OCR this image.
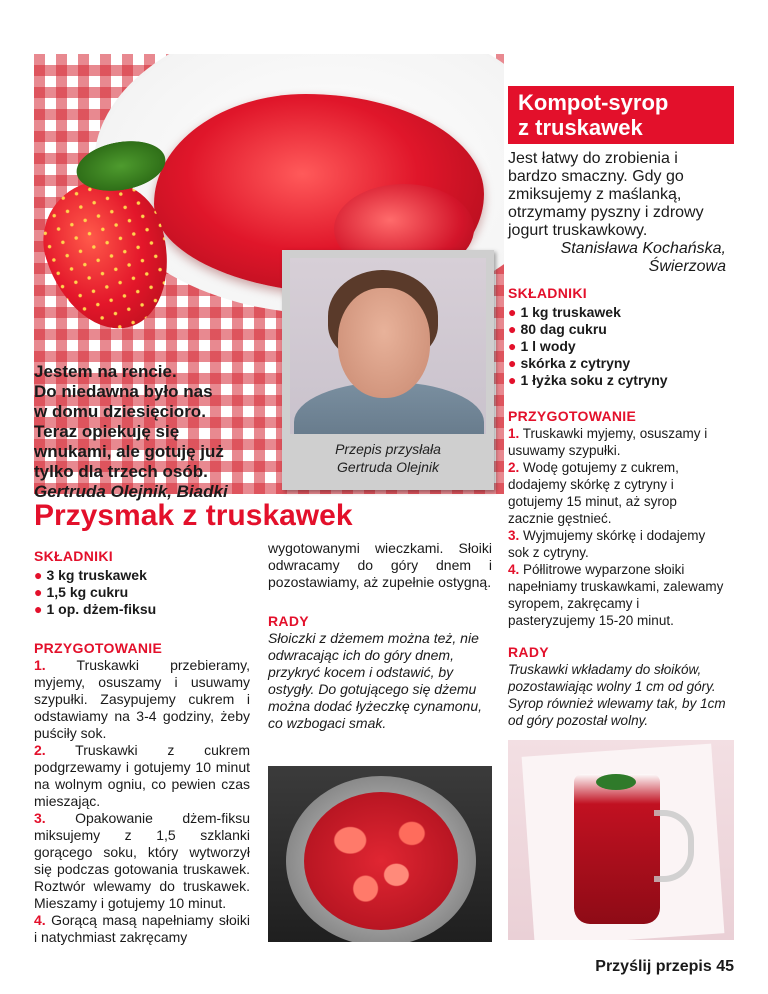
Jestem na rencie.
Do niedawna było nas
w domu dziesięcioro.
Teraz opiekuję się
wnukami, ale gotuję już
tylko dla trzech osób.
Gertruda Olejnik, Biadki
Przepis przysłała
Gertruda Olejnik
Kompot-syrop
z truskawek
Jest łatwy do zrobienia i bardzo smaczny. Gdy go zmiksujemy z maślanką, otrzymamy pyszny i zdrowy jogurt truskawkowy.
Stanisława Kochańska,
Świerzowa
SKŁADNIKI
● 1 kg truskawek
● 80 dag cukru
● 1 l wody
● skórka z cytryny
● 1 łyżka soku z cytryny
PRZYGOTOWANIE

1. Truskawki myjemy, osuszamy i usuwamy szypułki.

2. Wodę gotujemy z cukrem, dodajemy skórkę z cytryny i gotujemy 15 minut, aż syrop zacznie gęstnieć.

3. Wyjmujemy skórkę i dodajemy sok z cytryny.

4. Półlitrowe wyparzone słoiki napełniamy truskawkami, zalewamy syropem, zakręcamy i pasteryzujemy 15-20 minut.

RADY
Truskawki wkładamy do słoików, pozostawiając wolny 1 cm od góry. Syrop również wlewamy tak, by 1cm od góry pozostał wolny.
Przysmak z truskawek
SKŁADNIKI
● 3 kg truskawek
● 1,5 kg cukru
● 1 op. dżem-fiksu
PRZYGOTOWANIE

1. Truskawki przebieramy, myjemy, osuszamy i usuwamy szypułki. Zasypujemy cukrem i odstawiamy na 3-4 godziny, żeby puściły sok.

2. Truskawki z cukrem podgrzewamy i gotujemy 10 minut na wolnym ogniu, co pewien czas mieszając.

3. Opakowanie dżem-fiksu miksujemy z 1,5 szklanki gorącego soku, który wytworzył się podczas gotowania truskawek. Roztwór wlewamy do truskawek. Mieszamy i gotujemy 10 minut.

4. Gorącą masą napełniamy słoiki i natychmiast zakręcamy

wygotowanymi wieczkami. Słoiki odwracamy do góry dnem i pozostawiamy, aż zupełnie ostygną.

RADY
Słoiczki z dżemem można też, nie odwracając ich do góry dnem, przykryć kocem i odstawić, by ostygły. Do gotującego się dżemu można dodać łyżeczkę cynamonu, co wzbogaci smak.
Przyślij przepis 45
